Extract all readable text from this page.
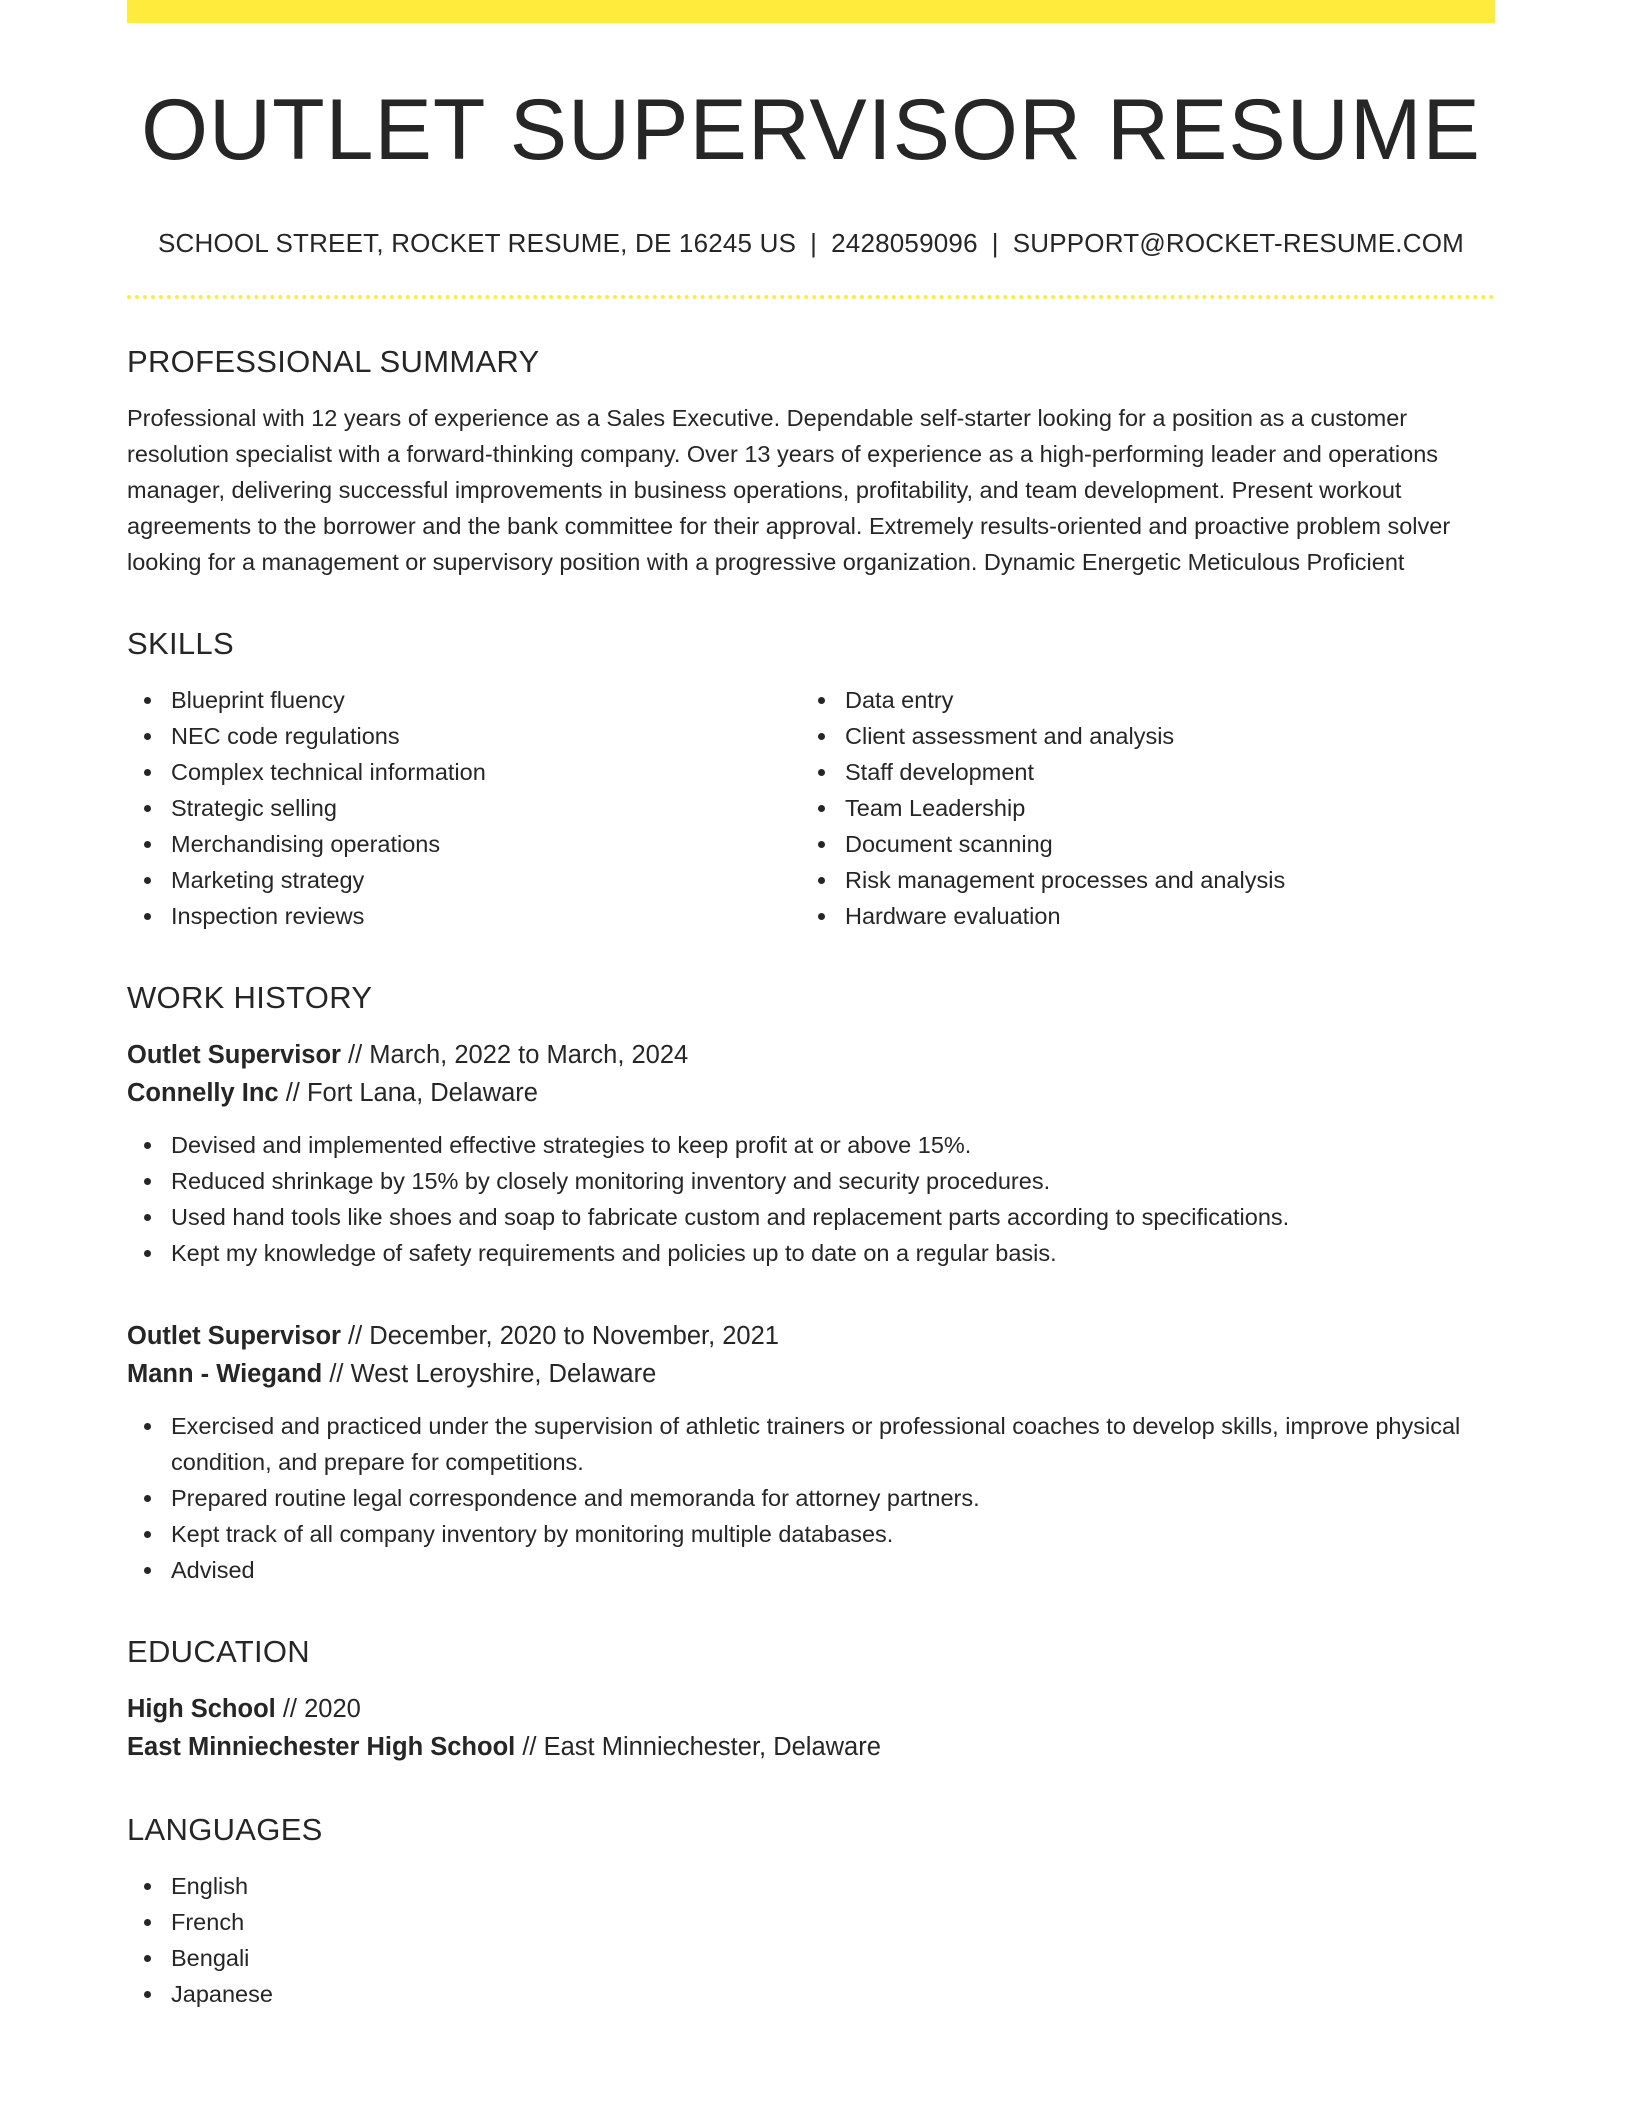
OUTLET SUPERVISOR RESUME
SCHOOL STREET, ROCKET RESUME, DE 16245 US | 2428059096 | SUPPORT@ROCKET-RESUME.COM
PROFESSIONAL SUMMARY

Professional with 12 years of experience as a Sales Executive. Dependable self-starter looking for a position as a customer resolution specialist with a forward-thinking company. Over 13 years of experience as a high-performing leader and operations manager, delivering successful improvements in business operations, profitability, and team development. Present workout agreements to the borrower and the bank committee for their approval. Extremely results-oriented and proactive problem solver looking for a management or supervisory position with a progressive organization. Dynamic Energetic Meticulous Proficient

SKILLS
Blueprint fluency
NEC code regulations
Complex technical information
Strategic selling
Merchandising operations
Marketing strategy
Inspection reviews
Data entry
Client assessment and analysis
Staff development
Team Leadership
Document scanning
Risk management processes and analysis
Hardware evaluation
WORK HISTORY
Outlet Supervisor // March, 2022 to March, 2024
Connelly Inc // Fort Lana, Delaware
Devised and implemented effective strategies to keep profit at or above 15%.
Reduced shrinkage by 15% by closely monitoring inventory and security procedures.
Used hand tools like shoes and soap to fabricate custom and replacement parts according to specifications.
Kept my knowledge of safety requirements and policies up to date on a regular basis.
Outlet Supervisor // December, 2020 to November, 2021
Mann - Wiegand // West Leroyshire, Delaware
Exercised and practiced under the supervision of athletic trainers or professional coaches to develop skills, improve physical condition, and prepare for competitions.
Prepared routine legal correspondence and memoranda for attorney partners.
Kept track of all company inventory by monitoring multiple databases.
Advised
EDUCATION
High School // 2020
East Minniechester High School // East Minniechester, Delaware
LANGUAGES
English
French
Bengali
Japanese
